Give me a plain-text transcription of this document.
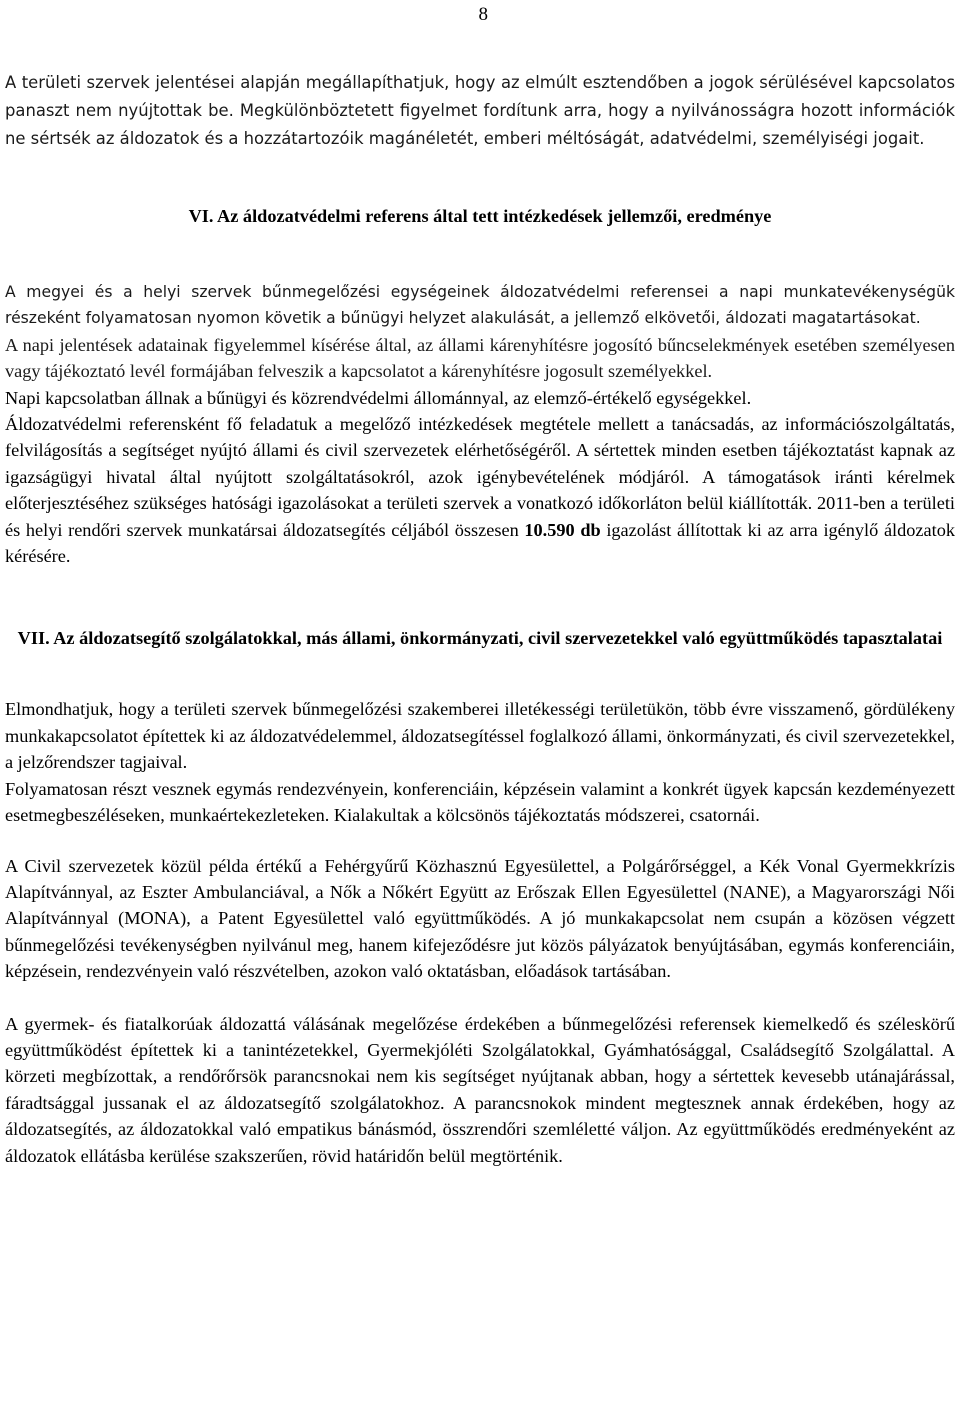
8

A területi szervek jelentései alapján megállapíthatjuk, hogy az elmúlt esztendőben a jogok sérülésével kapcsolatos panaszt nem nyújtottak be. Megkülönböztetett figyelmet fordítunk arra, hogy a nyilvánosságra hozott információk ne sértsék az áldozatok és a hozzátartozóik magánéletét, emberi méltóságát, adatvédelmi, személyiségi jogait.

VI. Az áldozatvédelmi referens által tett intézkedések jellemzői, eredménye

A megyei és a helyi szervek bűnmegelőzési egységeinek áldozatvédelmi referensei a napi munkatevékenységük részeként folyamatosan nyomon követik a bűnügyi helyzet alakulását, a jellemző elkövetői, áldozati magatartásokat.

A napi jelentések adatainak figyelemmel kísérése által, az állami kárenyhítésre jogosító bűncselekmények esetében személyesen vagy tájékoztató levél formájában felveszik a kapcsolatot a kárenyhítésre jogosult személyekkel.

Napi kapcsolatban állnak a bűnügyi és közrendvédelmi állománnyal, az elemző-értékelő egységekkel.

Áldozatvédelmi referensként fő feladatuk a megelőző intézkedések megtétele mellett a tanácsadás, az információszolgáltatás, felvilágosítás a segítséget nyújtó állami és civil szervezetek elérhetőségéről. A sértettek minden esetben tájékoztatást kapnak az igazságügyi hivatal által nyújtott szolgáltatásokról, azok igénybevételének módjáról. A támogatások iránti kérelmek előterjesztéséhez szükséges hatósági igazolásokat a területi szervek a vonatkozó időkorláton belül kiállították. 2011-ben a területi és helyi rendőri szervek munkatársai áldozatsegítés céljából összesen 10.590 db igazolást állítottak ki az arra igénylő áldozatok kérésére.

VII. Az áldozatsegítő szolgálatokkal, más állami, önkormányzati, civil szervezetekkel való együttműködés tapasztalatai

Elmondhatjuk, hogy a területi szervek bűnmegelőzési szakemberei illetékességi területükön, több évre visszamenő, gördülékeny munkakapcsolatot építettek ki az áldozatvédelemmel, áldozatsegítéssel foglalkozó állami, önkormányzati, és civil szervezetekkel, a jelzőrendszer tagjaival.

Folyamatosan részt vesznek egymás rendezvényein, konferenciáin, képzésein valamint a konkrét ügyek kapcsán kezdeményezett esetmegbeszéléseken, munkaértekezleteken. Kialakultak a kölcsönös tájékoztatás módszerei, csatornái.

A Civil szervezetek közül példa értékű a Fehérgyűrű Közhasznú Egyesülettel, a Polgárőrséggel, a Kék Vonal Gyermekkrízis Alapítvánnyal, az Eszter Ambulanciával, a Nők a Nőkért Együtt az Erőszak Ellen Egyesülettel (NANE), a Magyarországi Női Alapítvánnyal (MONA), a Patent Egyesülettel való együttműködés. A jó munkakapcsolat nem csupán a közösen végzett bűnmegelőzési tevékenységben nyilvánul meg, hanem kifejeződésre jut közös pályázatok benyújtásában, egymás konferenciáin, képzésein, rendezvényein való részvételben, azokon való oktatásban, előadások tartásában.

A gyermek- és fiatalkorúak áldozattá válásának megelőzése érdekében a bűnmegelőzési referensek kiemelkedő és széleskörű együttműködést építettek ki a tanintézetekkel, Gyermekjóléti Szolgálatokkal, Gyámhatósággal, Családsegítő Szolgálattal. A körzeti megbízottak, a rendőrőrsök parancsnokai nem kis segítséget nyújtanak abban, hogy a sértettek kevesebb utánajárással, fáradtsággal jussanak el az áldozatsegítő szolgálatokhoz. A parancsnokok mindent megtesznek annak érdekében, hogy az áldozatsegítés, az áldozatokkal való empatikus bánásmód, összrendőri szemléletté váljon. Az együttműködés eredményeként az áldozatok ellátásba kerülése szakszerűen, rövid határidőn belül megtörténik.
